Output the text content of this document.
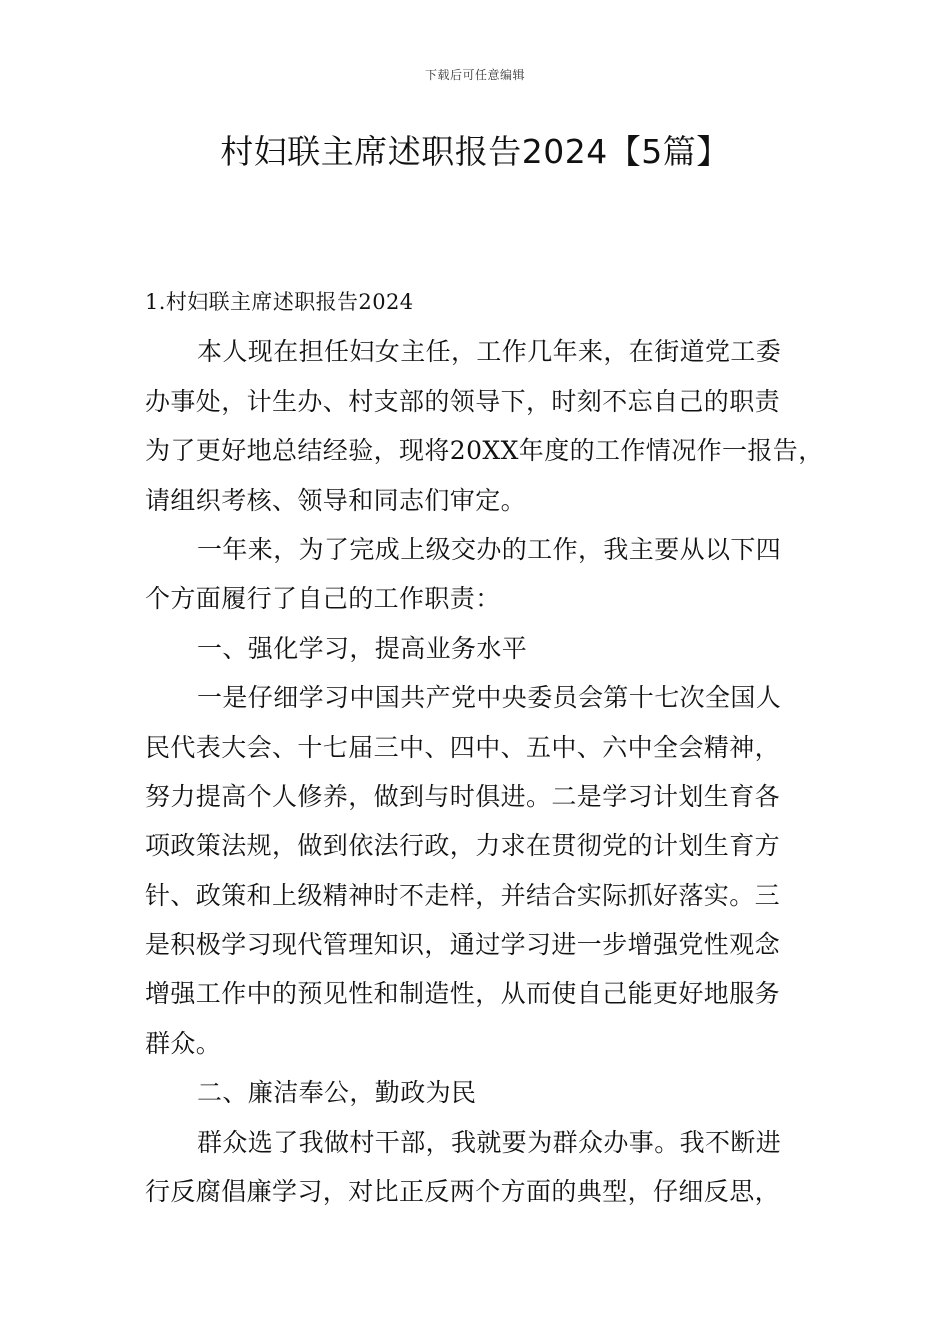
下载后可任意编辑
村妇联主席述职报告2024【5篇】
1.村妇联主席述职报告2024
本人现在担任妇女主任，工作几年来，在街道党工委
办事处，计生办、村支部的领导下，时刻不忘自己的职责
为了更好地总结经验，现将20XX年度的工作情况作一报告，
请组织考核、领导和同志们审定。
一年来，为了完成上级交办的工作，我主要从以下四
个方面履行了自己的工作职责：
一、强化学习，提高业务水平
一是仔细学习中国共产党中央委员会第十七次全国人
民代表大会、十七届三中、四中、五中、六中全会精神，
努力提高个人修养，做到与时俱进。二是学习计划生育各
项政策法规，做到依法行政，力求在贯彻党的计划生育方
针、政策和上级精神时不走样，并结合实际抓好落实。三
是积极学习现代管理知识，通过学习进一步增强党性观念
增强工作中的预见性和制造性，从而使自己能更好地服务
群众。
二、廉洁奉公，勤政为民
群众选了我做村干部，我就要为群众办事。我不断进
行反腐倡廉学习，对比正反两个方面的典型，仔细反思，
